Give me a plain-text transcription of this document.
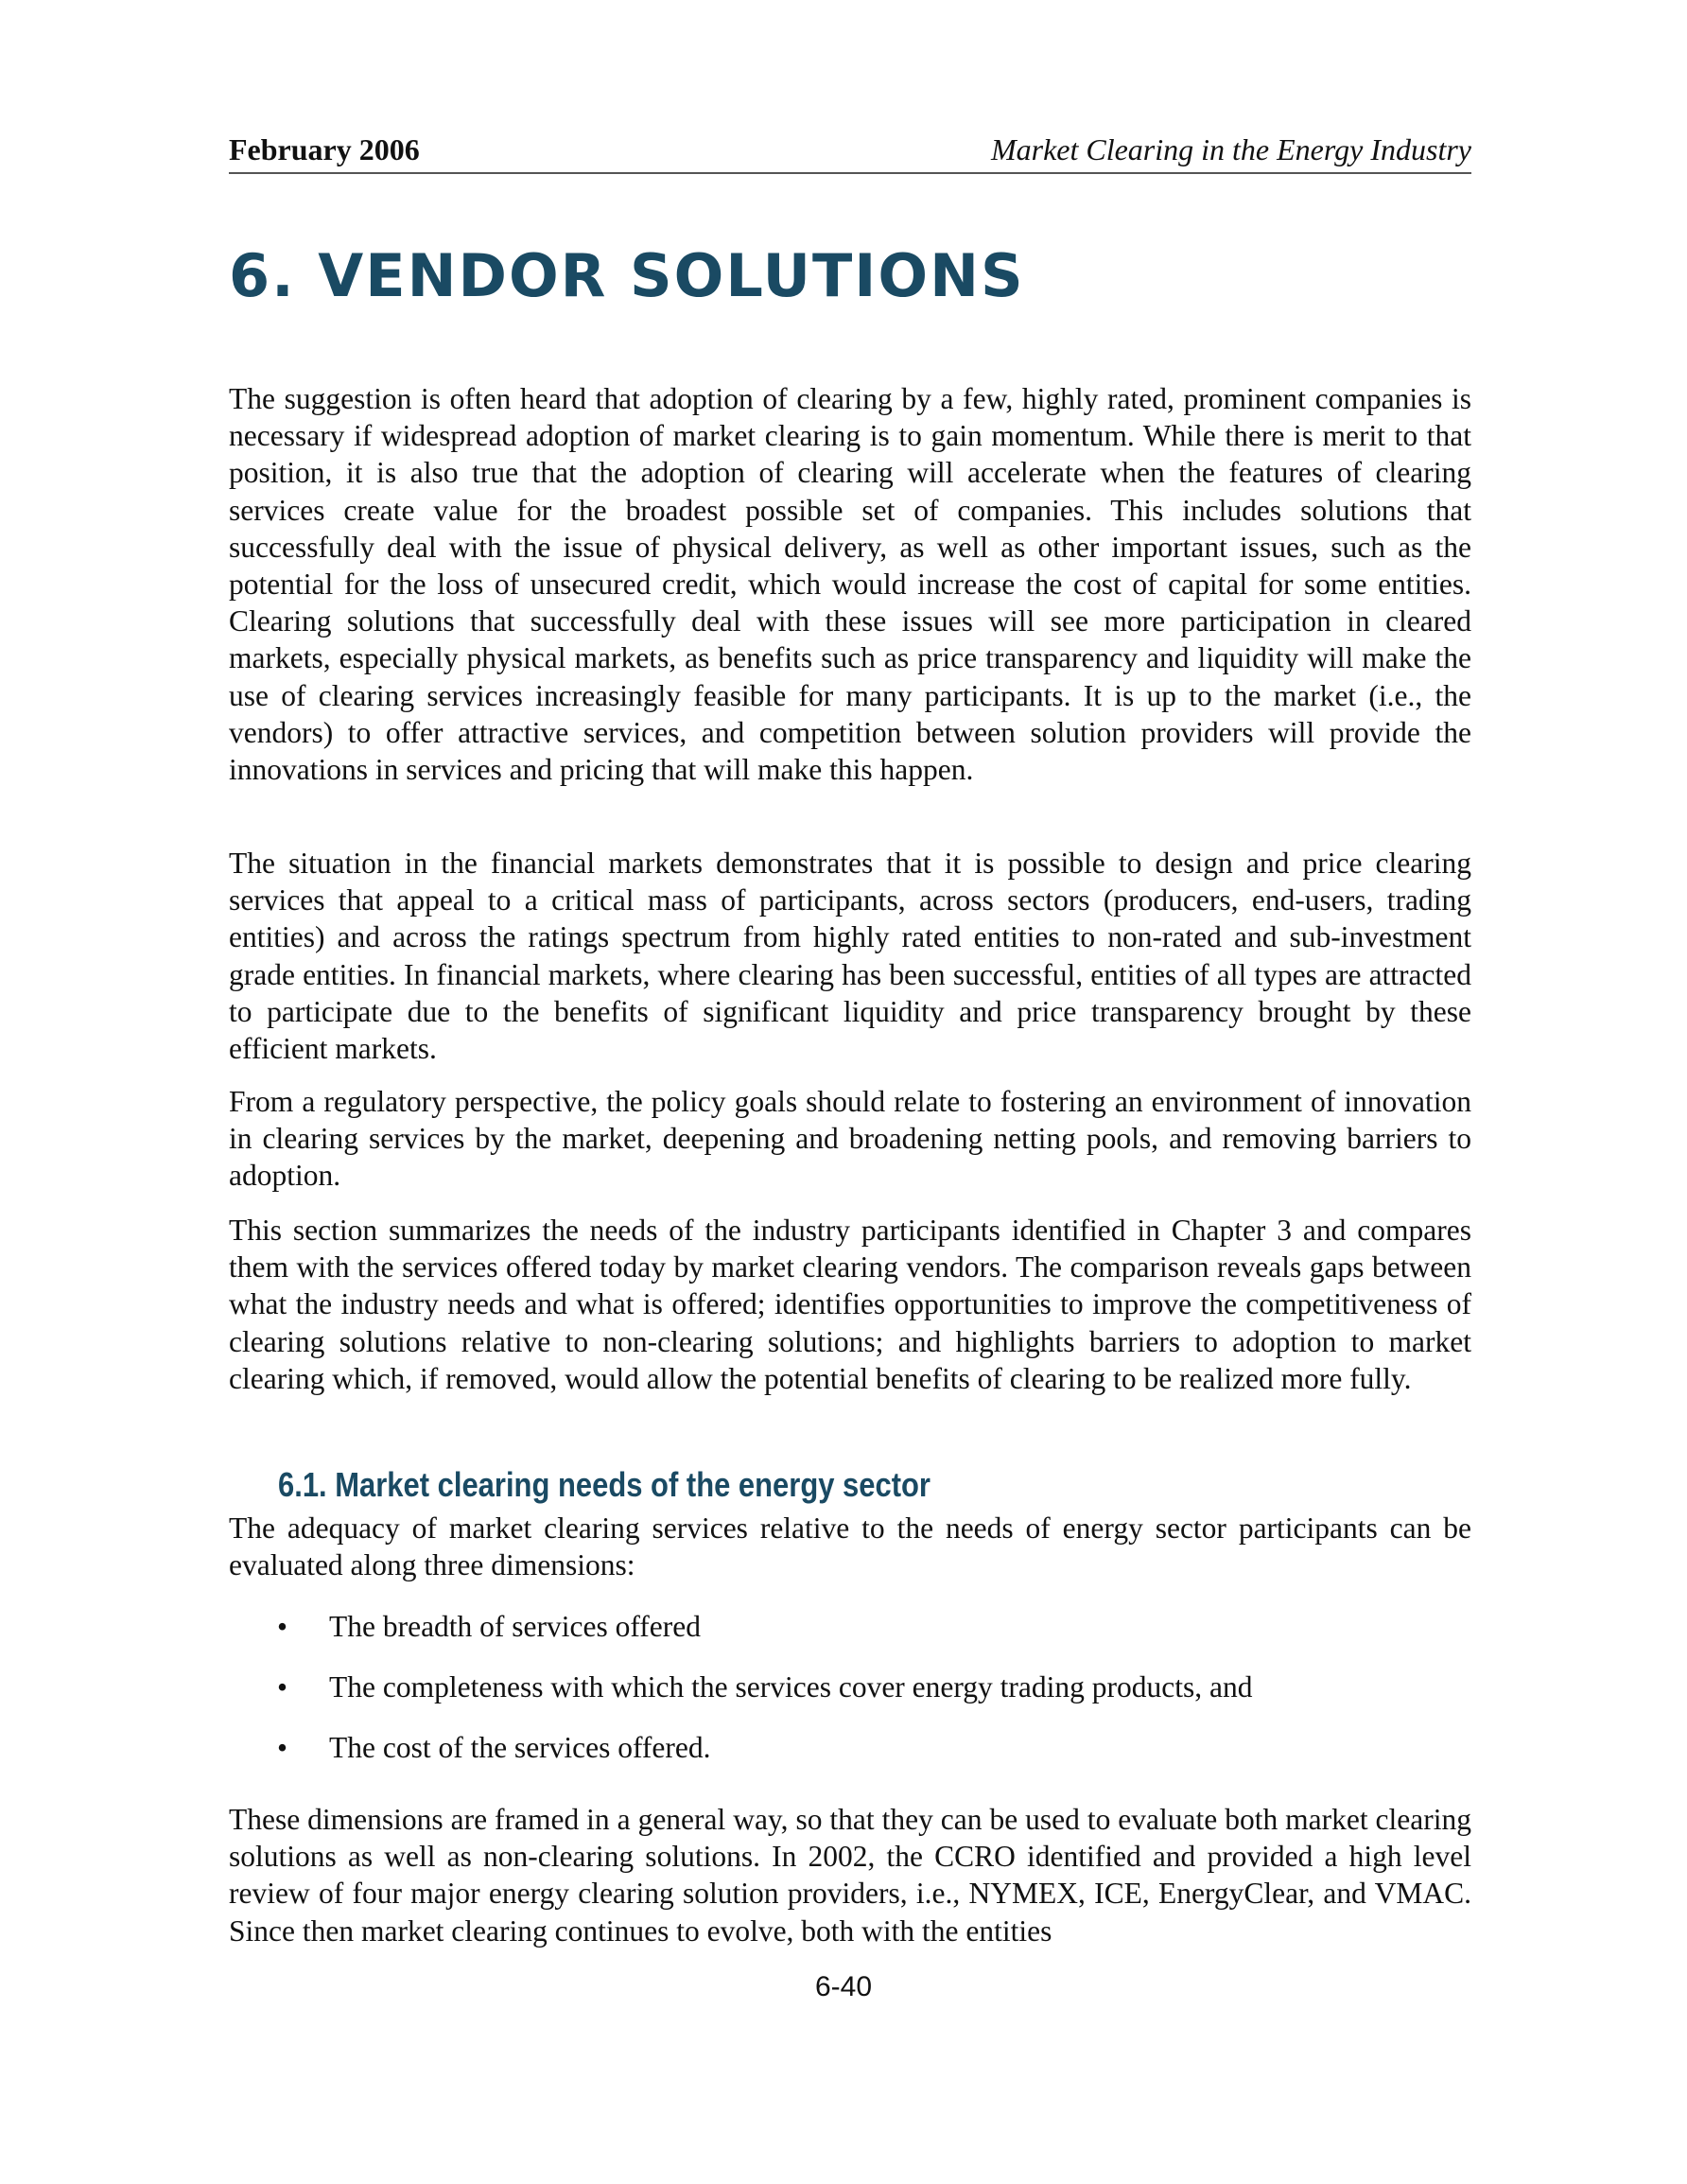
February 2006	Market Clearing in the Energy Industry
6. VENDOR SOLUTIONS

The suggestion is often heard that adoption of clearing by a few, highly rated, prominent companies is necessary if widespread adoption of market clearing is to gain momentum. While there is merit to that position, it is also true that the adoption of clearing will accelerate when the features of clearing services create value for the broadest possible set of companies. This includes solutions that successfully deal with the issue of physical delivery, as well as other important issues, such as the potential for the loss of unsecured credit, which would increase the cost of capital for some entities. Clearing solutions that successfully deal with these issues will see more participation in cleared markets, especially physical markets, as benefits such as price transparency and liquidity will make the use of clearing services increasingly feasible for many participants. It is up to the market (i.e., the vendors) to offer attractive services, and competition between solution providers will provide the innovations in services and pricing that will make this happen.

The situation in the financial markets demonstrates that it is possible to design and price clearing services that appeal to a critical mass of participants, across sectors (producers, end-users, trading entities) and across the ratings spectrum from highly rated entities to non-rated and sub-investment grade entities. In financial markets, where clearing has been successful, entities of all types are attracted to participate due to the benefits of significant liquidity and price transparency brought by these efficient markets.

From a regulatory perspective, the policy goals should relate to fostering an environment of innovation in clearing services by the market, deepening and broadening netting pools, and removing barriers to adoption.

This section summarizes the needs of the industry participants identified in Chapter 3 and compares them with the services offered today by market clearing vendors. The comparison reveals gaps between what the industry needs and what is offered; identifies opportunities to improve the competitiveness of clearing solutions relative to non-clearing solutions; and highlights barriers to adoption to market clearing which, if removed, would allow the potential benefits of clearing to be realized more fully.

6.1. Market clearing needs of the energy sector

The adequacy of market clearing services relative to the needs of energy sector participants can be evaluated along three dimensions:

• The breadth of services offered
• The completeness with which the services cover energy trading products, and
• The cost of the services offered.

These dimensions are framed in a general way, so that they can be used to evaluate both market clearing solutions as well as non-clearing solutions. In 2002, the CCRO identified and provided a high level review of four major energy clearing solution providers, i.e., NYMEX, ICE, EnergyClear, and VMAC. Since then market clearing continues to evolve, both with the entities

6-40
